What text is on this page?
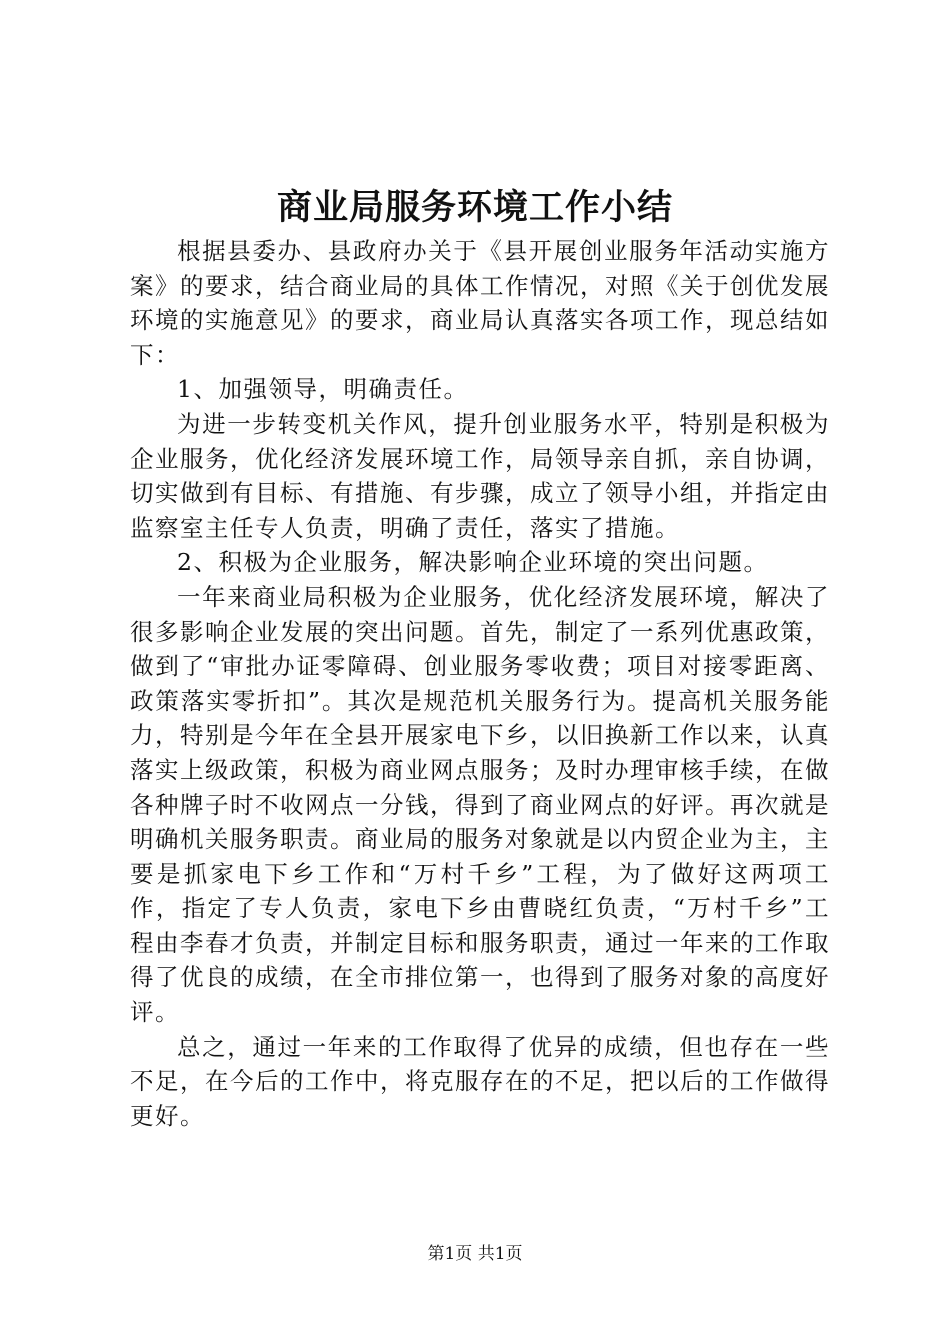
商业局服务环境工作小结

根据县委办、县政府办关于《县开展创业服务年活动实施方案》的要求，结合商业局的具体工作情况，对照《关于创优发展环境的实施意见》的要求，商业局认真落实各项工作，现总结如下：

1、加强领导，明确责任。

为进一步转变机关作风，提升创业服务水平，特别是积极为企业服务，优化经济发展环境工作，局领导亲自抓，亲自协调，切实做到有目标、有措施、有步骤，成立了领导小组，并指定由监察室主任专人负责，明确了责任，落实了措施。

2、积极为企业服务，解决影响企业环境的突出问题。

一年来商业局积极为企业服务，优化经济发展环境，解决了很多影响企业发展的突出问题。首先，制定了一系列优惠政策，做到了“审批办证零障碍、创业服务零收费；项目对接零距离、政策落实零折扣”。其次是规范机关服务行为。提高机关服务能力，特别是今年在全县开展家电下乡，以旧换新工作以来，认真落实上级政策，积极为商业网点服务；及时办理审核手续，在做各种牌子时不收网点一分钱，得到了商业网点的好评。再次就是明确机关服务职责。商业局的服务对象就是以内贸企业为主，主要是抓家电下乡工作和“万村千乡”工程，为了做好这两项工作，指定了专人负责，家电下乡由曹晓红负责，“万村千乡”工程由李春才负责，并制定目标和服务职责，通过一年来的工作取得了优良的成绩，在全市排位第一，也得到了服务对象的高度好评。

总之，通过一年来的工作取得了优异的成绩，但也存在一些不足，在今后的工作中，将克服存在的不足，把以后的工作做得更好。

第1页 共1页
